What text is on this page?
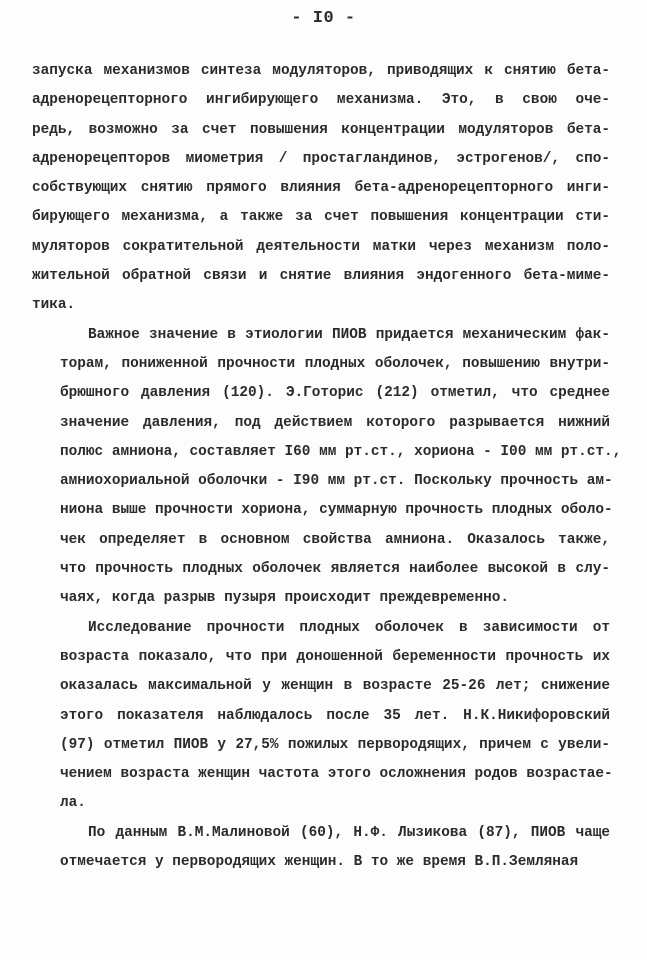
- I0 -
запуска механизмов синтеза модуляторов, приводящих к снятию бета-
адренорецепторного ингибирующего механизма. Это, в свою оче-
редь, возможно за счет повышения концентрации модуляторов бета-
адренорецепторов миометрия / простагландинов, эстрогенов/, спо-
собствующих снятию прямого влияния бета-адренорецепторного инги-
бирующего механизма, а также за счет повышения концентрации сти-
муляторов сократительной деятельности матки через механизм поло-
жительной обратной связи и снятие влияния эндогенного бета-миме-
тика.
Важное значение в этиологии ПИОВ придается механическим фак-
торам, пониженной прочности плодных оболочек, повышению внутри-
брюшного давления (120). Э.Готорис (212) отметил, что среднее
значение давления, под действием которого разрывается нижний
полюс амниона, составляет I60 мм рт.ст., хориона - I00 мм рт.ст.,
амниохориальной оболочки - I90 мм рт.ст. Поскольку прочность ам-
ниона выше прочности хориона, суммарную прочность плодных оболо-
чек определяет в основном свойства амниона. Оказалось также,
что прочность плодных оболочек является наиболее высокой в слу-
чаях, когда разрыв пузыря происходит преждевременно.
Исследование прочности плодных оболочек в зависимости от
возраста показало, что при доношенной беременности прочность их
оказалась максимальной у женщин в возрасте 25-26 лет; снижение
этого показателя наблюдалось после 35 лет. Н.К.Никифоровский
(97) отметил ПИОВ у 27,5% пожилых первородящих, причем с увели-
чением возраста женщин частота этого осложнения родов возрастае-
ла.
По данным В.М.Малиновой (60), Н.Ф. Лызикова (87), ПИОВ чаще
отмечается у первородящих женщин. В то же время В.П.Земляная
